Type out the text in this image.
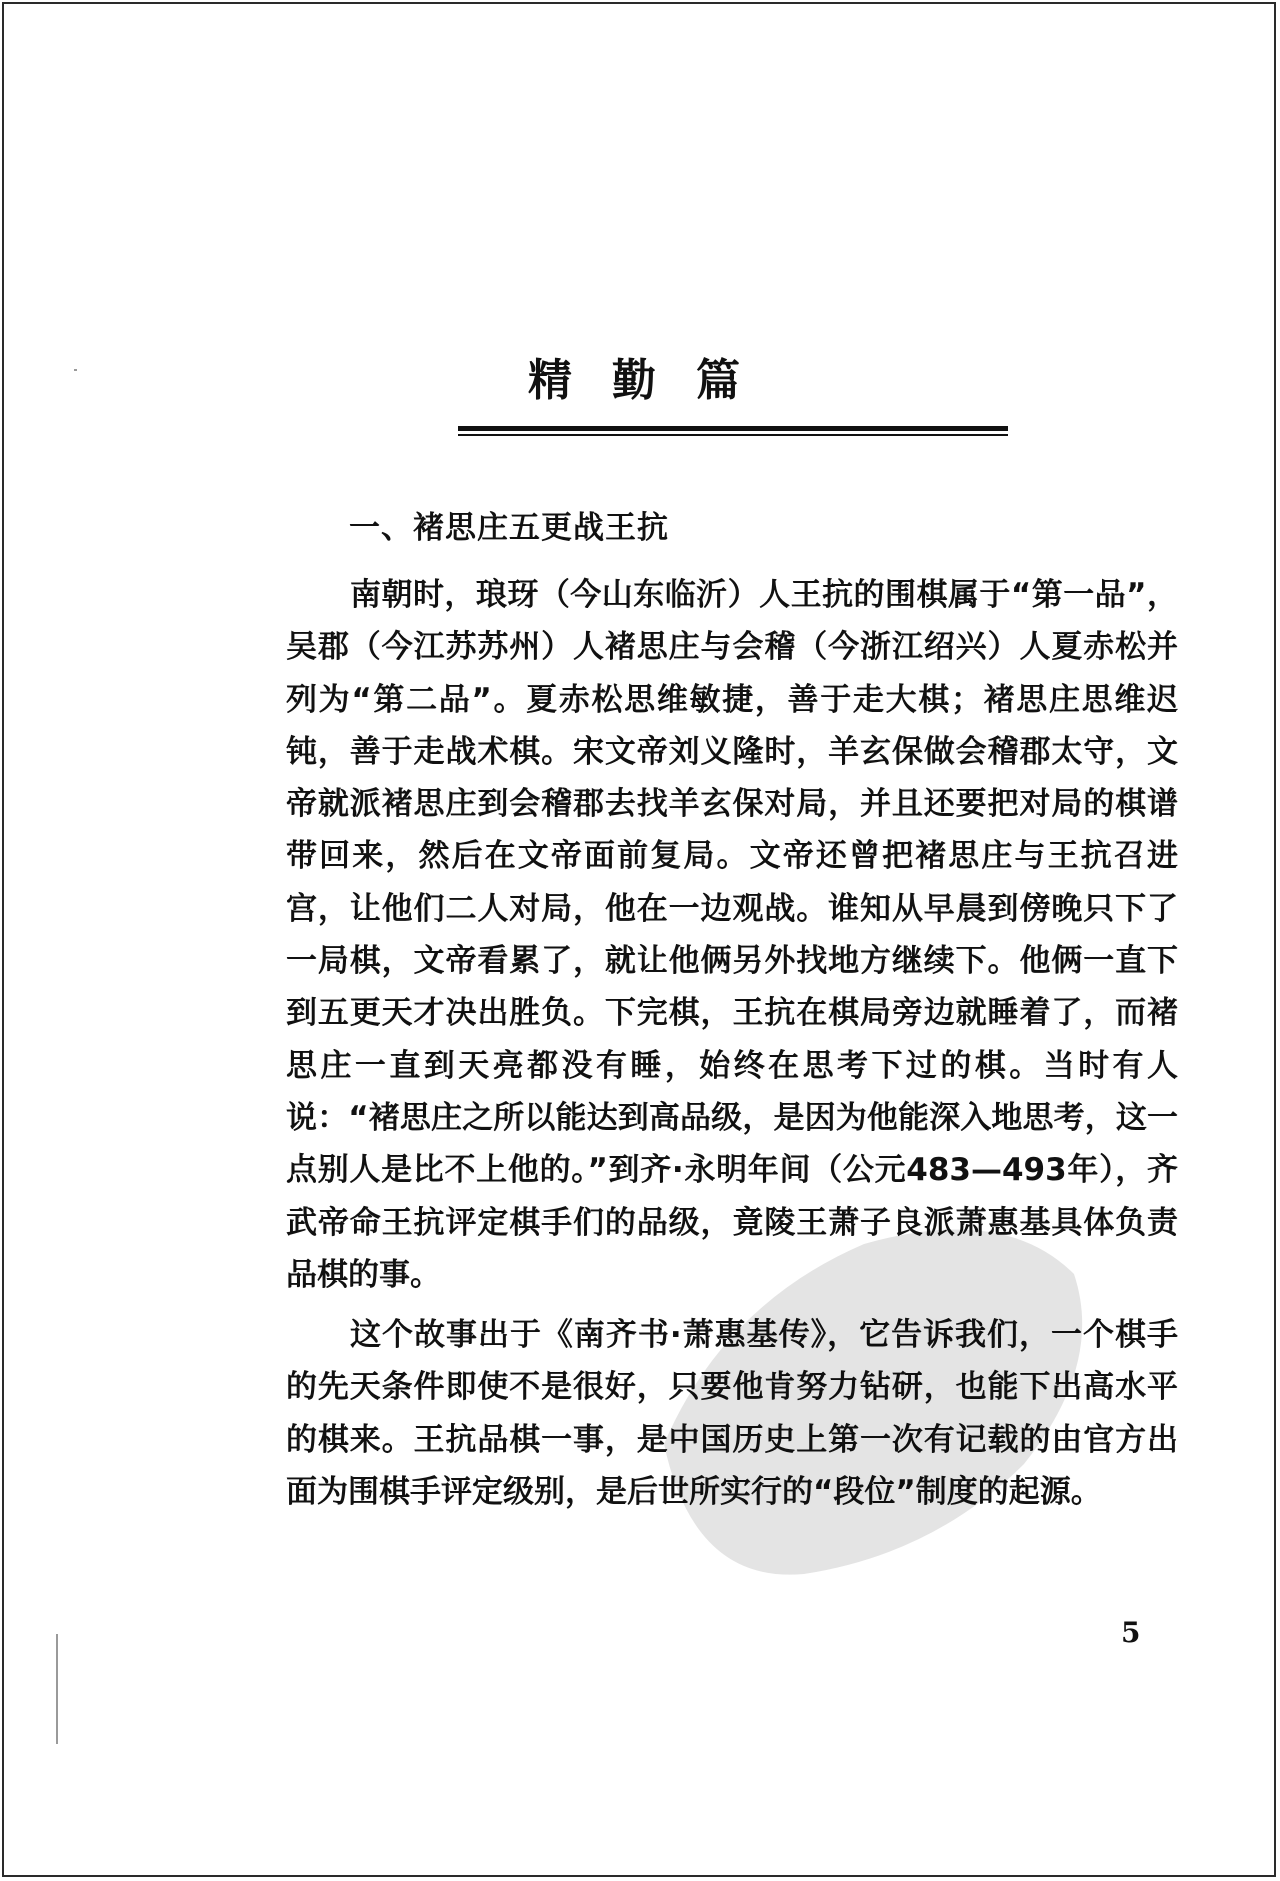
精勤篇
一、褚思庄五更战王抗

南朝时，琅玡（今山东临沂）人王抗的围棋属于“第一品”，吴郡（今江苏苏州）人褚思庄与会稽（今浙江绍兴）人夏赤松并列为“第二品”。夏赤松思维敏捷，善于走大棋；褚思庄思维迟钝，善于走战术棋。宋文帝刘义隆时，羊玄保做会稽郡太守，文帝就派褚思庄到会稽郡去找羊玄保对局，并且还要把对局的棋谱带回来，然后在文帝面前复局。文帝还曾把褚思庄与王抗召进宫，让他们二人对局，他在一边观战。谁知从早晨到傍晚只下了一局棋，文帝看累了，就让他俩另外找地方继续下。他俩一直下到五更天才决出胜负。下完棋，王抗在棋局旁边就睡着了，而褚思庄一直到天亮都没有睡，始终在思考下过的棋。当时有人说：“褚思庄之所以能达到高品级，是因为他能深入地思考，这一点别人是比不上他的。”到齐·永明年间（公元483—493年），齐武帝命王抗评定棋手们的品级，竟陵王萧子良派萧惠基具体负责品棋的事。

这个故事出于《南齐书·萧惠基传》，它告诉我们，一个棋手的先天条件即使不是很好，只要他肯努力钻研，也能下出高水平的棋来。王抗品棋一事，是中国历史上第一次有记载的由官方出面为围棋手评定级别，是后世所实行的“段位”制度的起源。

5
